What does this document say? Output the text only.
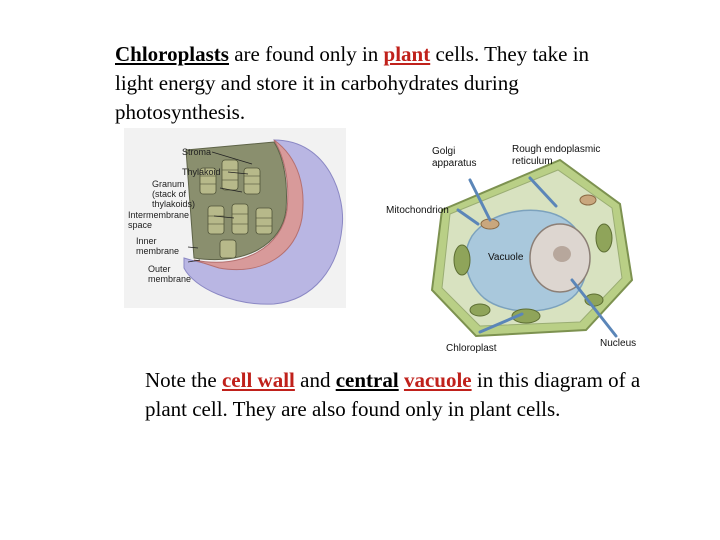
Chloroplasts are found only in plant cells. They take in light energy and store it in carbohydrates during photosynthesis.

Stroma
Thylakoid
Granum
(stack of
thylakoids)
Intermembrane
space
Inner
membrane
Outer
membrane
Golgi
apparatus
Rough endoplasmic
reticulum
Mitochondrion
Vacuole
Chloroplast	Nucleus

Note the cell wall and central vacuole in this diagram of a plant cell. They are also found only in plant cells.
